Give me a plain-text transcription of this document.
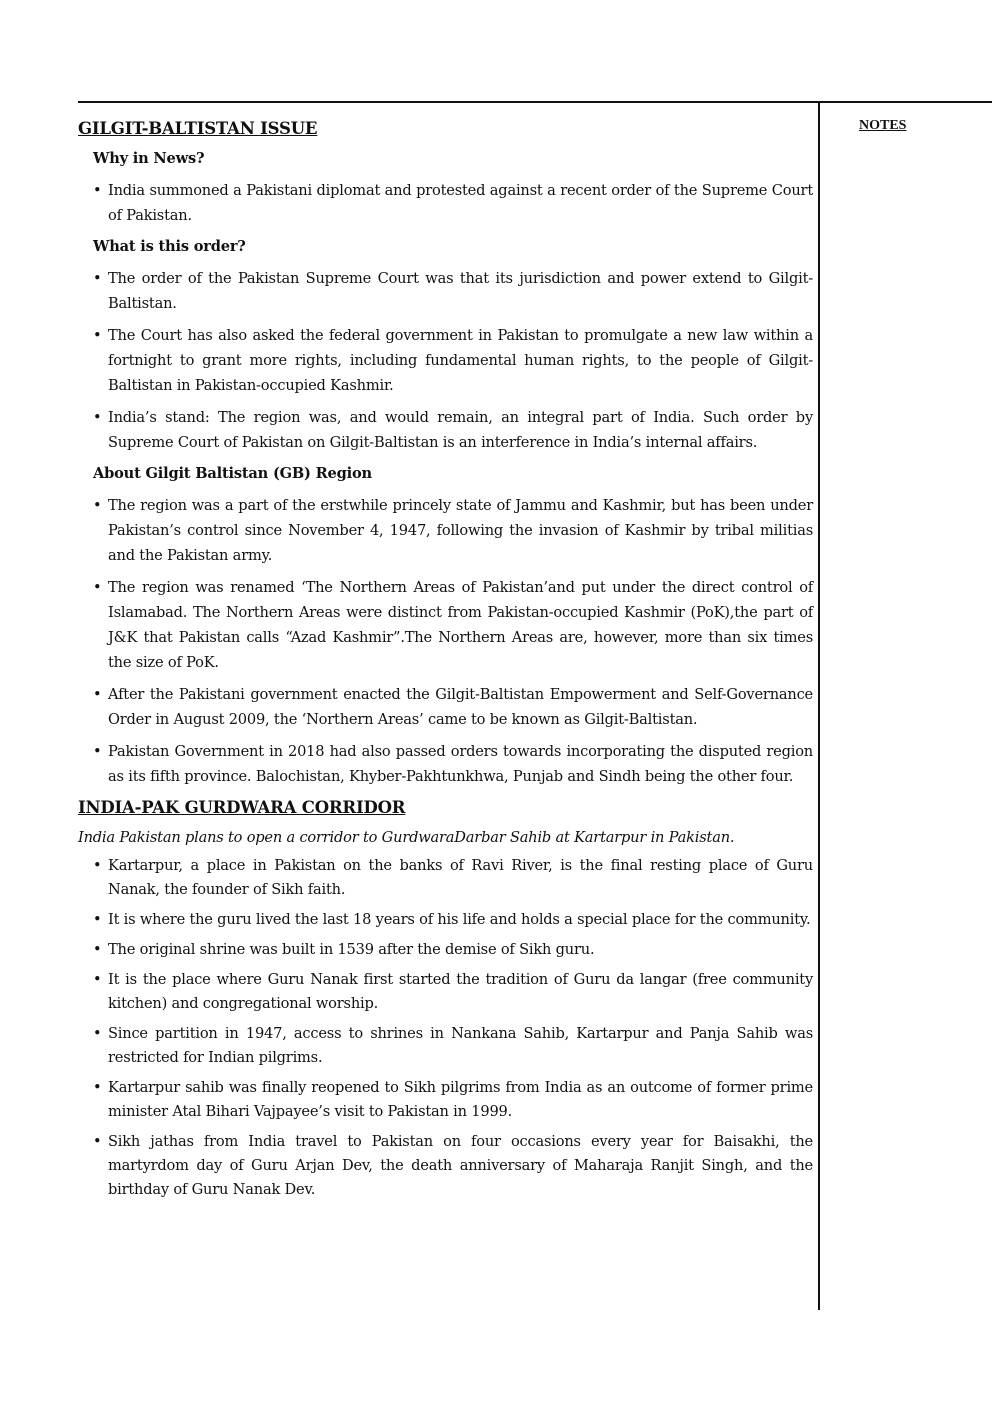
NOTES
GILGIT-BALTISTAN ISSUE
Why in News?
• India summoned a Pakistani diplomat and protested against a recent order of the Supreme Court of Pakistan.
What is this order?
• The order of the Pakistan Supreme Court was that its jurisdiction and power extend to Gilgit-Baltistan.
• The Court has also asked the federal government in Pakistan to promulgate a new law within a fortnight to grant more rights, including fundamental human rights, to the people of Gilgit-Baltistan in Pakistan-occupied Kashmir.
• India’s stand: The region was, and would remain, an integral part of India. Such order by Supreme Court of Pakistan on Gilgit-Baltistan is an interference in India’s internal affairs.
About Gilgit Baltistan (GB) Region
• The region was a part of the erstwhile princely state of Jammu and Kashmir, but has been under Pakistan’s control since November 4, 1947, following the invasion of Kashmir by tribal militias and the Pakistan army.
• The region was renamed ‘The Northern Areas of Pakistan’and put under the direct control of Islamabad. The Northern Areas were distinct from Pakistan-occupied Kashmir (PoK),the part of J&K that Pakistan calls “Azad Kashmir”.The Northern Areas are, however, more than six times the size of PoK.
• After the Pakistani government enacted the Gilgit-Baltistan Empowerment and Self-Governance Order in August 2009, the ‘Northern Areas’ came to be known as Gilgit-Baltistan.
• Pakistan Government in 2018 had also passed orders towards incorporating the disputed region as its fifth province. Balochistan, Khyber-Pakhtunkhwa, Punjab and Sindh being the other four.
INDIA-PAK GURDWARA CORRIDOR

India Pakistan plans to open a corridor to GurdwaraDarbar Sahib at Kartarpur in Pakistan.

• Kartarpur, a place in Pakistan on the banks of Ravi River, is the final resting place of Guru Nanak, the founder of Sikh faith.
• It is where the guru lived the last 18 years of his life and holds a special place for the community.
• The original shrine was built in 1539 after the demise of Sikh guru.
• It is the place where Guru Nanak first started the tradition of Guru da langar (free community kitchen) and congregational worship.
• Since partition in 1947, access to shrines in Nankana Sahib, Kartarpur and Panja Sahib was restricted for Indian pilgrims.
• Kartarpur sahib was finally reopened to Sikh pilgrims from India as an outcome of former prime minister Atal Bihari Vajpayee’s visit to Pakistan in 1999.
• Sikh jathas from India travel to Pakistan on four occasions every year for Baisakhi, the martyrdom day of Guru Arjan Dev, the death anniversary of Maharaja Ranjit Singh, and the birthday of Guru Nanak Dev.
